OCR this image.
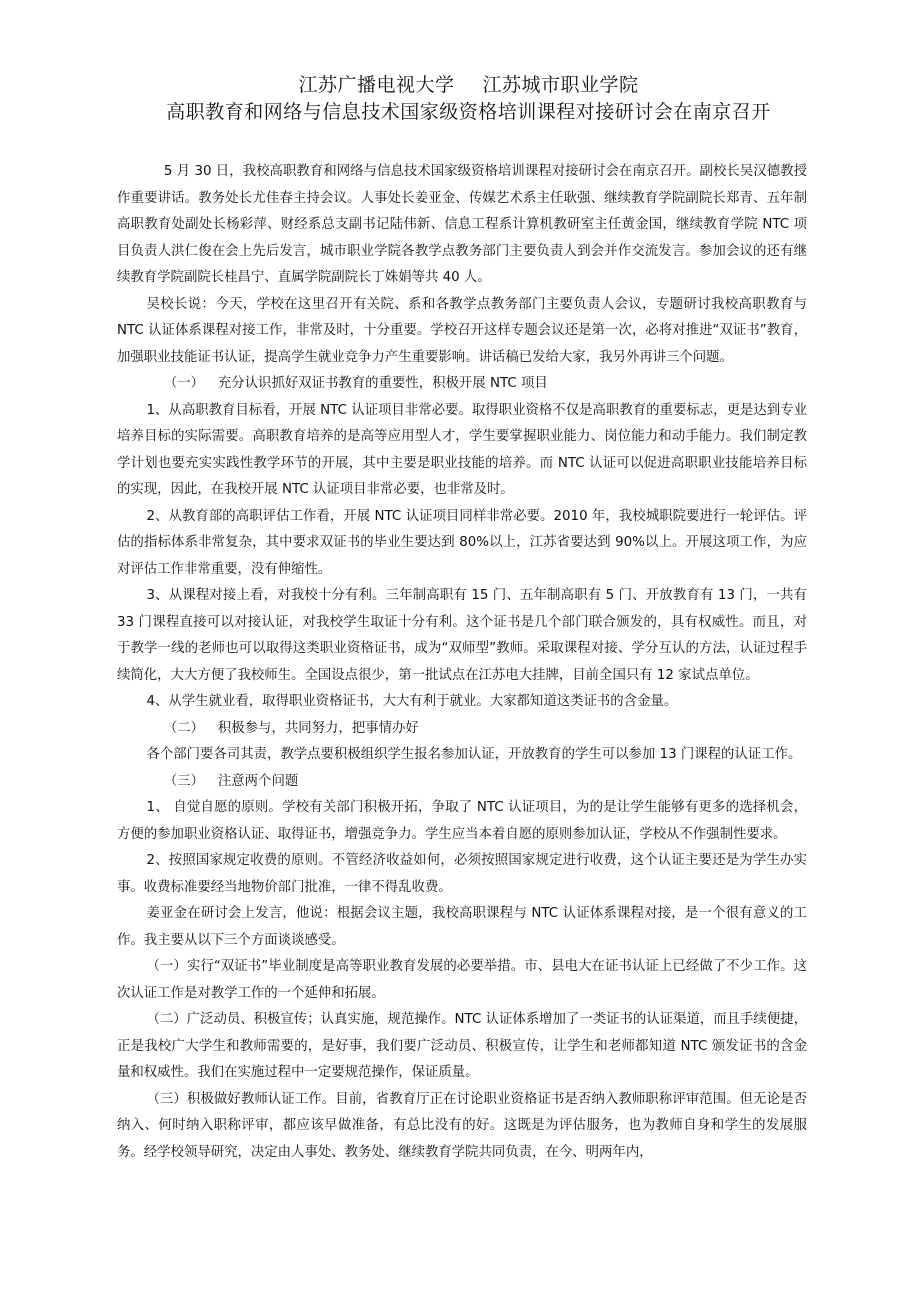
江苏广播电视大学 江苏城市职业学院
高职教育和网络与信息技术国家级资格培训课程对接研讨会在南京召开

5 月 30 日，我校高职教育和网络与信息技术国家级资格培训课程对接研讨会在南京召开。副校长吴汉德教授作重要讲话。教务处长尤佳春主持会议。人事处长姜亚金、传媒艺术系主任耿强、继续教育学院副院长郑青、五年制高职教育处副处长杨彩萍、财经系总支副书记陆伟新、信息工程系计算机教研室主任黄金国，继续教育学院 NTC 项目负责人洪仁俊在会上先后发言，城市职业学院各教学点教务部门主要负责人到会并作交流发言。参加会议的还有继续教育学院副院长桂昌宁、直属学院副院长丁姝娟等共 40 人。

吴校长说：今天，学校在这里召开有关院、系和各教学点教务部门主要负责人会议，专题研讨我校高职教育与 NTC 认证体系课程对接工作，非常及时，十分重要。学校召开这样专题会议还是第一次，必将对推进“双证书”教育，加强职业技能证书认证，提高学生就业竞争力产生重要影响。讲话稿已发给大家，我另外再讲三个问题。

（一） 充分认识抓好双证书教育的重要性，积极开展 NTC 项目

1、从高职教育目标看，开展 NTC 认证项目非常必要。取得职业资格不仅是高职教育的重要标志，更是达到专业培养目标的实际需要。高职教育培养的是高等应用型人才，学生要掌握职业能力、岗位能力和动手能力。我们制定教学计划也要充实实践性教学环节的开展，其中主要是职业技能的培养。而 NTC 认证可以促进高职职业技能培养目标的实现，因此，在我校开展 NTC 认证项目非常必要，也非常及时。

2、从教育部的高职评估工作看，开展 NTC 认证项目同样非常必要。2010 年，我校城职院要进行一轮评估。评估的指标体系非常复杂，其中要求双证书的毕业生要达到 80%以上，江苏省要达到 90%以上。开展这项工作，为应对评估工作非常重要，没有伸缩性。

3、从课程对接上看，对我校十分有利。三年制高职有 15 门、五年制高职有 5 门、开放教育有 13 门，一共有 33 门课程直接可以对接认证，对我校学生取证十分有利。这个证书是几个部门联合颁发的，具有权威性。而且，对于教学一线的老师也可以取得这类职业资格证书，成为“双师型”教师。采取课程对接、学分互认的方法，认证过程手续简化，大大方便了我校师生。全国设点很少，第一批试点在江苏电大挂牌，目前全国只有 12 家试点单位。

4、从学生就业看，取得职业资格证书，大大有利于就业。大家都知道这类证书的含金量。

（二） 积极参与，共同努力，把事情办好

各个部门要各司其责，教学点要积极组织学生报名参加认证，开放教育的学生可以参加 13 门课程的认证工作。

（三） 注意两个问题

1、 自觉自愿的原则。学校有关部门积极开拓，争取了 NTC 认证项目，为的是让学生能够有更多的选择机会，方便的参加职业资格认证、取得证书，增强竞争力。学生应当本着自愿的原则参加认证，学校从不作强制性要求。

2、按照国家规定收费的原则。不管经济收益如何，必须按照国家规定进行收费，这个认证主要还是为学生办实事。收费标准要经当地物价部门批准，一律不得乱收费。

姜亚金在研讨会上发言，他说：根据会议主题，我校高职课程与 NTC 认证体系课程对接，是一个很有意义的工作。我主要从以下三个方面谈谈感受。

（一）实行“双证书”毕业制度是高等职业教育发展的必要举措。市、县电大在证书认证上已经做了不少工作。这次认证工作是对教学工作的一个延伸和拓展。

（二）广泛动员、积极宣传；认真实施，规范操作。NTC 认证体系增加了一类证书的认证渠道，而且手续便捷，正是我校广大学生和教师需要的，是好事，我们要广泛动员、积极宣传，让学生和老师都知道 NTC 颁发证书的含金量和权威性。我们在实施过程中一定要规范操作，保证质量。

（三）积极做好教师认证工作。目前，省教育厅正在讨论职业资格证书是否纳入教师职称评审范围。但无论是否纳入、何时纳入职称评审，都应该早做准备，有总比没有的好。这既是为评估服务，也为教师自身和学生的发展服务。经学校领导研究，决定由人事处、教务处、继续教育学院共同负责，在今、明两年内，
